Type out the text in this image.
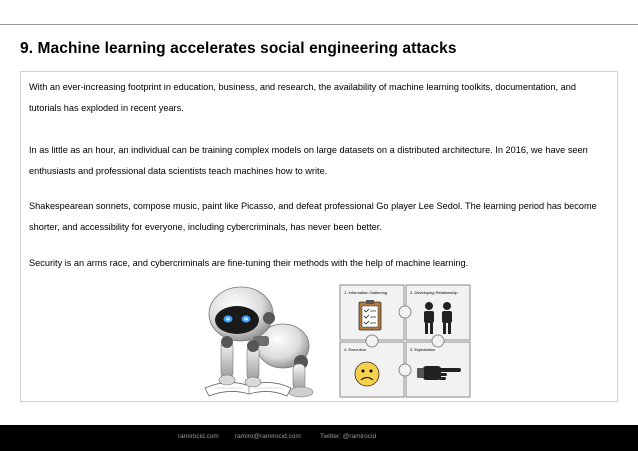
9. Machine learning accelerates social engineering attacks

With an ever-increasing footprint in education, business, and research, the availability of machine learning toolkits, documentation, and tutorials has exploded in recent years.

In as little as an hour, an individual can be training complex models on large datasets on a distributed architecture. In 2016, we have seen enthusiasts and professional data scientists teach machines how to write.

Shakespearean sonnets, compose music, paint like Picasso, and defeat professional Go player Lee Sedol. The learning period has become shorter, and accessibility for everyone, including cybercriminals, has never been better.

Security is an arms race, and cybercriminals are fine-tuning their methods with the help of machine learning.

1. Information Gathering	2. Developing Relationship
4. Execution	3. Exploitation
ramirocid.com ramiro@ramirocid.com	Twitter: @ramirocid
